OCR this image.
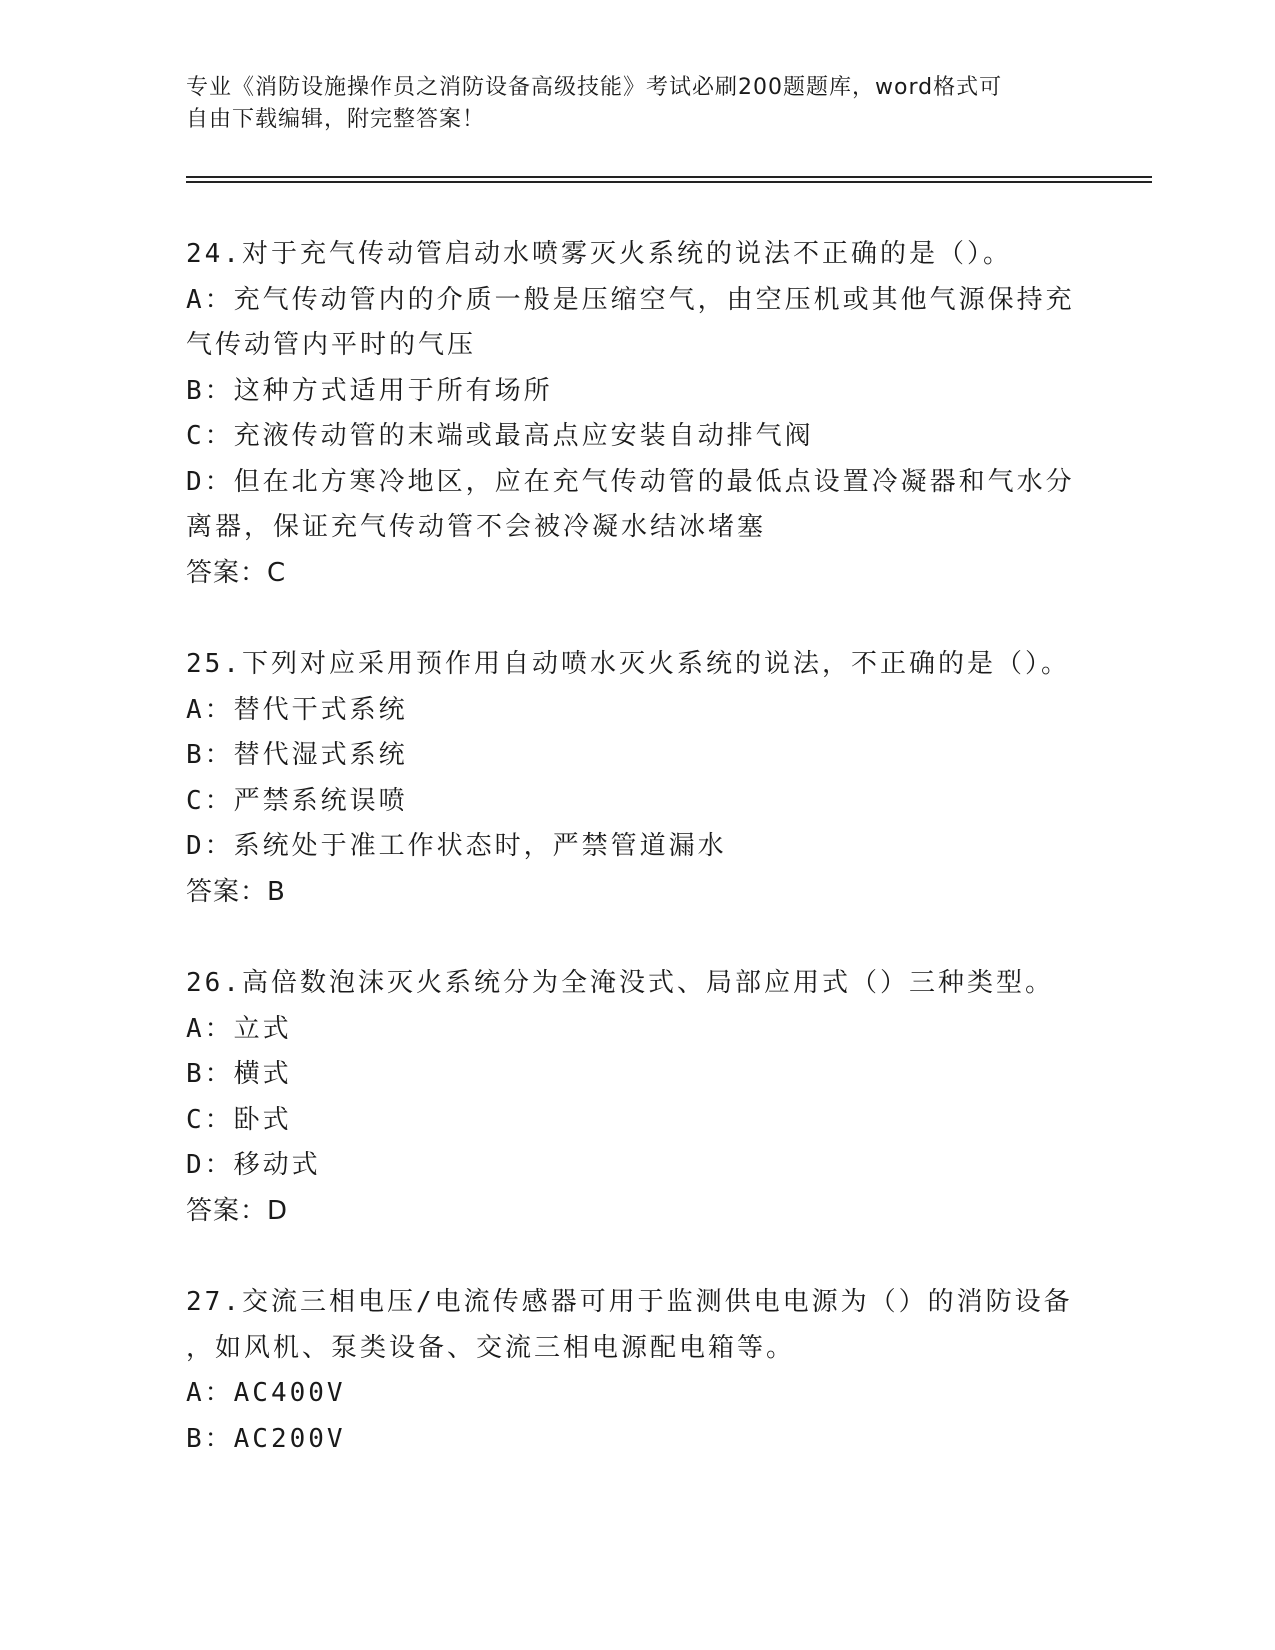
专业《消防设施操作员之消防设备高级技能》考试必刷200题题库，word格式可
自由下载编辑，附完整答案！
24.对于充气传动管启动水喷雾灭火系统的说法不正确的是（）。
A：充气传动管内的介质一般是压缩空气，由空压机或其他气源保持充
气传动管内平时的气压
B：这种方式适用于所有场所
C：充液传动管的末端或最高点应安装自动排气阀
D：但在北方寒冷地区，应在充气传动管的最低点设置冷凝器和气水分
离器，保证充气传动管不会被冷凝水结冰堵塞
答案：C
25.下列对应采用预作用自动喷水灭火系统的说法，不正确的是（）。
A：替代干式系统
B：替代湿式系统
C：严禁系统误喷
D：系统处于准工作状态时，严禁管道漏水
答案：B
26.高倍数泡沫灭火系统分为全淹没式、局部应用式（）三种类型。
A：立式
B：横式
C：卧式
D：移动式
答案：D
27.交流三相电压/电流传感器可用于监测供电电源为（）的消防设备
，如风机、泵类设备、交流三相电源配电箱等。
A：AC400V
B：AC200V
